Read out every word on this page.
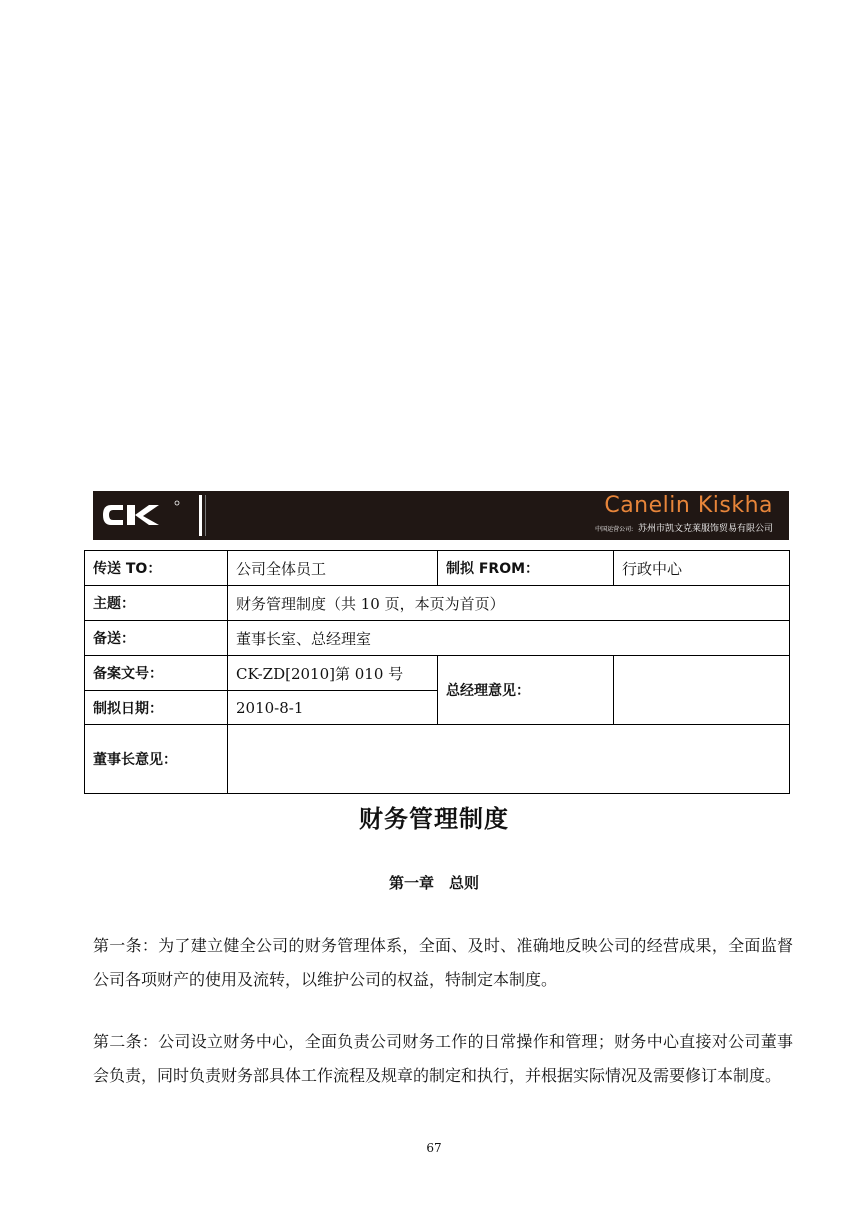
Canelin Kiskha
中国运营公司: 苏州市凯文克莱服饰贸易有限公司
传送 TO：	公司全体员工	制拟 FROM：	行政中心
主题：	财务管理制度（共 10 页，本页为首页）		
备送：	董事长室、总经理室		
备案文号：	CK-ZD[2010]第 010 号	总经理意见：	
制拟日期：	2010-8-1		
董事长意见：			
财务管理制度
第一章　总则

第一条：为了建立健全公司的财务管理体系，全面、及时、准确地反映公司的经营成果，全面监督公司各项财产的使用及流转，以维护公司的权益，特制定本制度。

第二条：公司设立财务中心，全面负责公司财务工作的日常操作和管理；财务中心直接对公司董事会负责，同时负责财务部具体工作流程及规章的制定和执行，并根据实际情况及需要修订本制度。

67
